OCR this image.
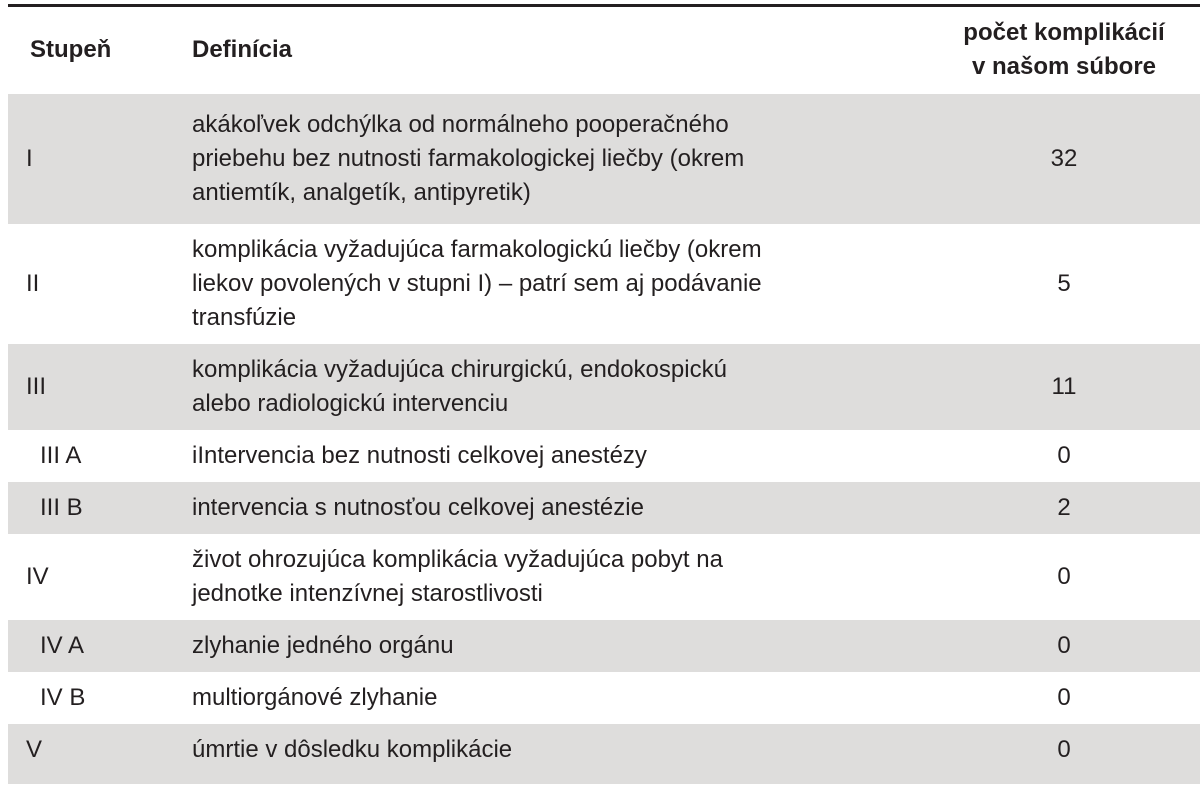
Stupeň	Definícia	počet komplikácií
v našom súbore
I	akákoľvek odchýlka od normálneho pooperačného
priebehu bez nutnosti farmakologickej liečby (okrem
antiemtík, analgetík, antipyretik)	32
II	komplikácia vyžadujúca farmakologickú liečby (okrem
liekov povolených v stupni I) – patrí sem aj podávanie
transfúzie	5
III	komplikácia vyžadujúca chirurgickú, endokospickú
alebo radiologickú intervenciu	11
III A	iIntervencia bez nutnosti celkovej anestézy	0
III B	intervencia s nutnosťou celkovej anestézie	2
IV	život ohrozujúca komplikácia vyžadujúca pobyt na
jednotke intenzívnej starostlivosti	0
IV A	zlyhanie jedného orgánu	0
IV B	multiorgánové zlyhanie	0
V	úmrtie v dôsledku komplikácie	0
